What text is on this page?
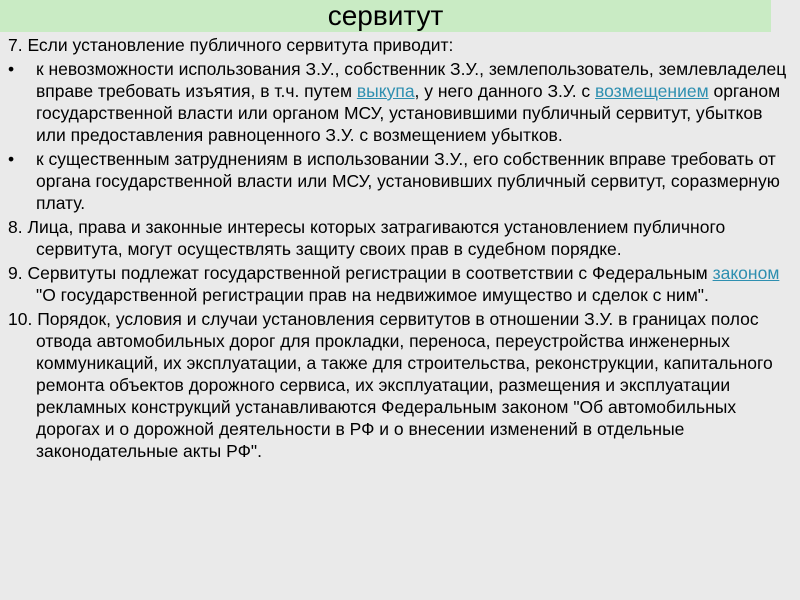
сервитут

7. Если установление публичного сервитута приводит:

• к невозможности использования З.У., собственник З.У., землепользователь, землевладелец вправе требовать изъятия, в т.ч. путем выкупа, у него данного З.У. с возмещением органом государственной власти или органом МСУ, установившими публичный сервитут, убытков или предоставления равноценного З.У. с возмещением убытков.

• к существенным затруднениям в использовании З.У., его собственник вправе требовать от органа государственной власти или МСУ, установивших публичный сервитут, соразмерную плату.

8. Лица, права и законные интересы которых затрагиваются установлением публичного сервитута, могут осуществлять защиту своих прав в судебном порядке.

9. Сервитуты подлежат государственной регистрации в соответствии с Федеральным законом "О государственной регистрации прав на недвижимое имущество и сделок с ним".

10. Порядок, условия и случаи установления сервитутов в отношении З.У. в границах полос отвода автомобильных дорог для прокладки, переноса, переустройства инженерных коммуникаций, их эксплуатации, а также для строительства, реконструкции, капитального ремонта объектов дорожного сервиса, их эксплуатации, размещения и эксплуатации рекламных конструкций устанавливаются Федеральным законом "Об автомобильных дорогах и о дорожной деятельности в РФ и о внесении изменений в отдельные законодательные акты РФ".
